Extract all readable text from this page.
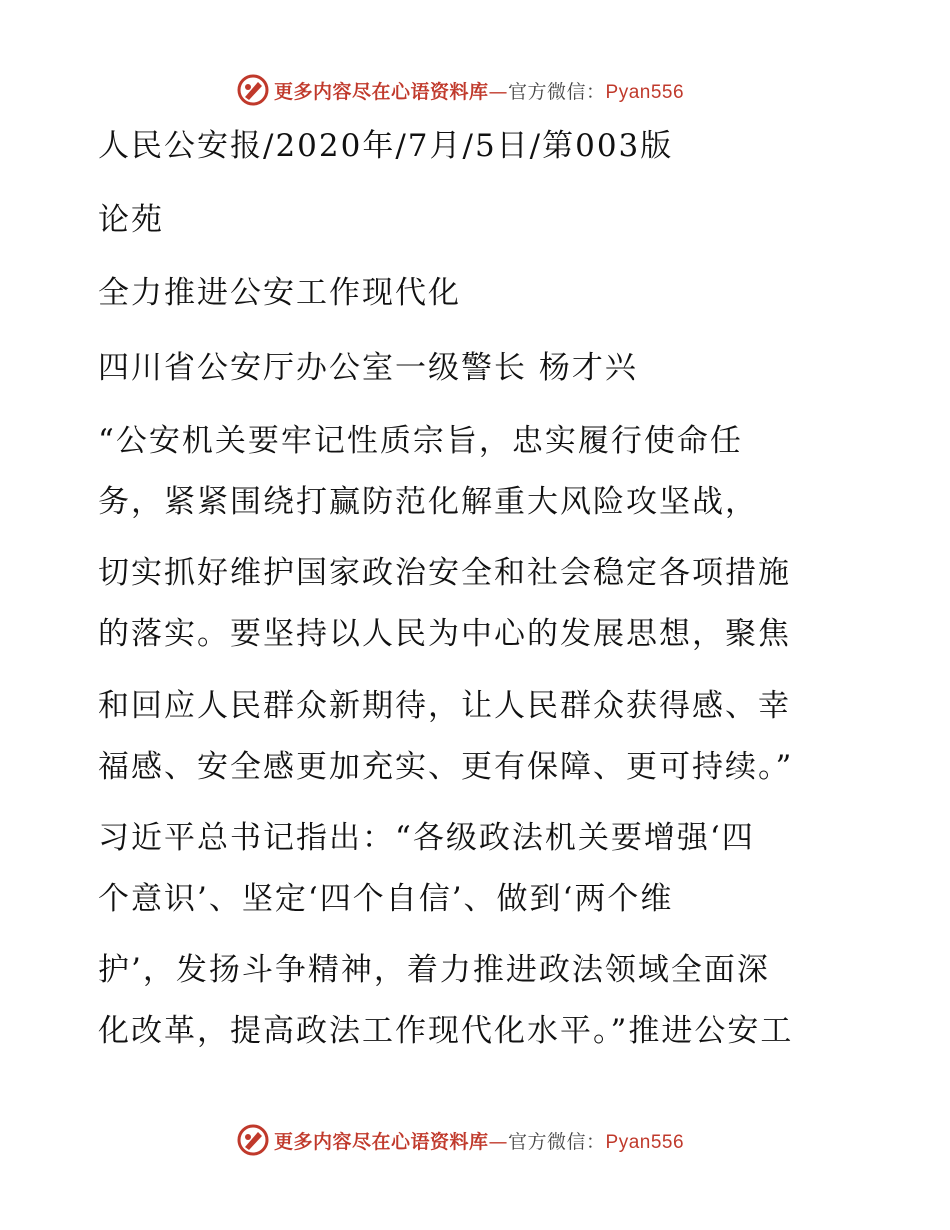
更多内容尽在心语资料库—官方微信：Pyan556
人民公安报/2020年/7月/5日/第003版
论苑
全力推进公安工作现代化
四川省公安厅办公室一级警长 杨才兴
“公安机关要牢记性质宗旨，忠实履行使命任
务，紧紧围绕打赢防范化解重大风险攻坚战，
切实抓好维护国家政治安全和社会稳定各项措施
的落实。要坚持以人民为中心的发展思想，聚焦
和回应人民群众新期待，让人民群众获得感、幸
福感、安全感更加充实、更有保障、更可持续。”
习近平总书记指出：“各级政法机关要增强‘四
个意识’、坚定‘四个自信’、做到‘两个维
护’，发扬斗争精神，着力推进政法领域全面深
化改革，提高政法工作现代化水平。”推进公安工
更多内容尽在心语资料库—官方微信：Pyan556
